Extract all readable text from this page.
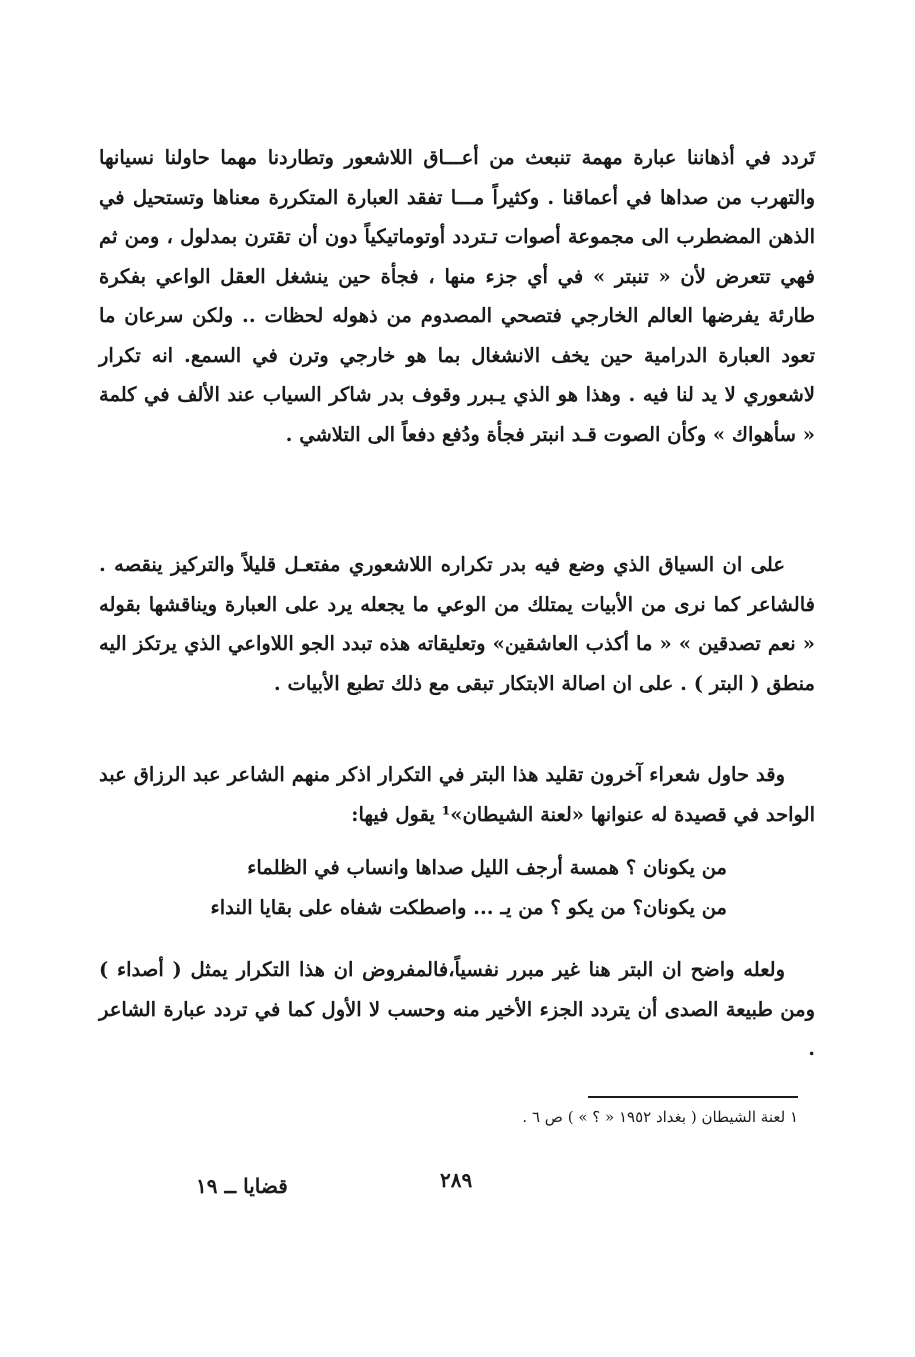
تَردد في أذهاننا عبارة مهمة تنبعث من أعـــاق اللاشعور وتطاردنا مهما حاولنا نسيانها والتهرب من صداها في أعماقنا . وكثيراً مـــا تفقد العبارة المتكررة معناها وتستحيل في الذهن المضطرب الى مجموعة أصوات تـتردد أوتوماتيكياً دون أن تقترن بمدلول ، ومن ثم فهي تتعرض لأن « تنبتر » في أي جزء منها ، فجأة حين ينشغل العقل الواعي بفكرة طارئة يفرضها العالم الخارجي فتصحي المصدوم من ذهوله لحظات .. ولكن سرعان ما تعود العبارة الدرامية حين يخف الانشغال بما هو خارجي وترن في السمع. انه تكرار لاشعوري لا يد لنا فيه . وهذا هو الذي يـبرر وقوف بدر شاكر السياب عند الألف في كلمة « سأهواك » وكأن الصوت قـد انبتر فجأة ودُفع دفعاً الى التلاشي .

على ان السياق الذي وضع فيه بدر تكراره اللاشعوري مفتعـل قليلاً والتركيز ينقصه . فالشاعر كما نرى من الأبيات يمتلك من الوعي ما يجعله يرد على العبارة ويناقشها بقوله « نعم تصدقين » « ما أكذب العاشقين» وتعليقاته هذه تبدد الجو اللاواعي الذي يرتكز اليه منطق ( البتر ) . على ان اصالة الابتكار تبقى مع ذلك تطبع الأبيات .

وقد حاول شعراء آخرون تقليد هذا البتر في التكرار اذكر منهم الشاعر عبد الرزاق عبد الواحد في قصيدة له عنوانها «لعنة الشيطان»¹ يقول فيها:

من يكونان ؟ همسة أرجف الليل صداها وانساب في الظلماء

من يكونان؟ من يكو ؟ من يـ ... واصطكت شفاه على بقايا النداء

ولعله واضح ان البتر هنا غير مبرر نفسياً،فالمفروض ان هذا التكرار يمثل ( أصداء ) ومن طبيعة الصدى أن يتردد الجزء الأخير منه وحسب لا الأول كما في تردد عبارة الشاعر .

١ لعنة الشيطان ( بغداد ١٩٥٢ « ؟ » ) ص ٦ .
٢٨٩
قضايا ــ ١٩
